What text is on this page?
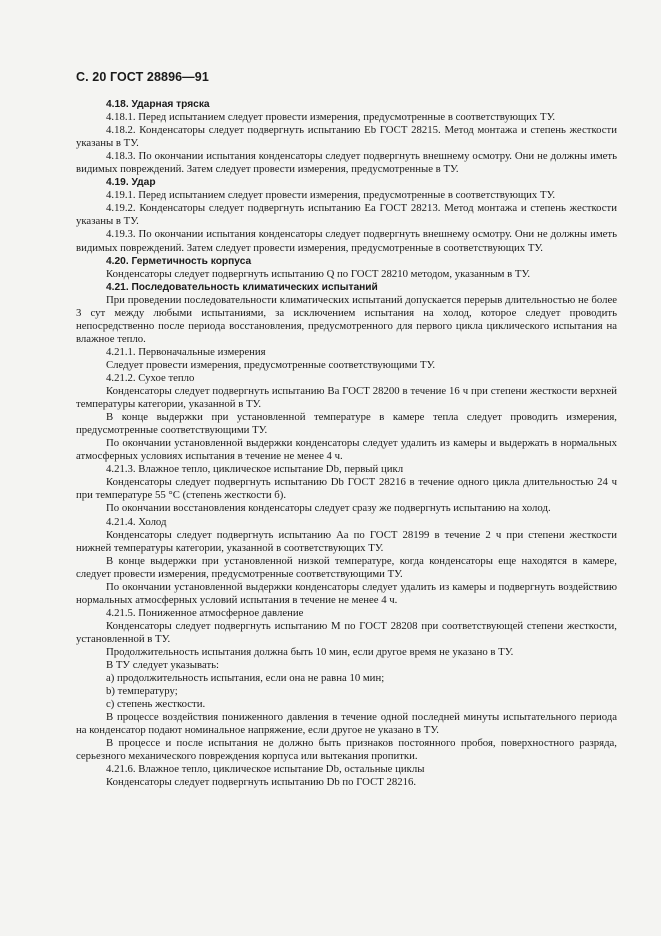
С. 20 ГОСТ 28896—91

4.18. Ударная тряска

4.18.1. Перед испытанием следует провести измерения, предусмотренные в соответствующих ТУ.

4.18.2. Конденсаторы следует подвергнуть испытанию Eb ГОСТ 28215. Метод монтажа и степень жесткости указаны в ТУ.

4.18.3. По окончании испытания конденсаторы следует подвергнуть внешнему осмотру. Они не должны иметь видимых повреждений. Затем следует провести измерения, предусмотренные в ТУ.

4.19. Удар

4.19.1. Перед испытанием следует провести измерения, предусмотренные в соответствующих ТУ.

4.19.2. Конденсаторы следует подвергнуть испытанию Ea ГОСТ 28213. Метод монтажа и степень жесткости указаны в ТУ.

4.19.3. По окончании испытания конденсаторы следует подвергнуть внешнему осмотру. Они не должны иметь видимых повреждений. Затем следует провести измерения, предусмотренные в соответствующих ТУ.

4.20. Герметичность корпуса

Конденсаторы следует подвергнуть испытанию Q по ГОСТ 28210 методом, указанным в ТУ.

4.21. Последовательность климатических испытаний

При проведении последовательности климатических испытаний допускается перерыв длительностью не более 3 сут между любыми испытаниями, за исключением испытания на холод, которое следует проводить непосредственно после периода восстановления, предусмотренного для первого цикла циклического испытания на влажное тепло.

4.21.1. Первоначальные измерения

Следует провести измерения, предусмотренные соответствующими ТУ.

4.21.2. Сухое тепло

Конденсаторы следует подвергнуть испытанию Ва ГОСТ 28200 в течение 16 ч при степени жесткости верхней температуры категории, указанной в ТУ.

В конце выдержки при установленной температуре в камере тепла следует проводить измерения, предусмотренные соответствующими ТУ.

По окончании установленной выдержки конденсаторы следует удалить из камеры и выдержать в нормальных атмосферных условиях испытания в течение не менее 4 ч.

4.21.3. Влажное тепло, циклическое испытание Db, первый цикл

Конденсаторы следует подвергнуть испытанию Db ГОСТ 28216 в течение одного цикла длительностью 24 ч при температуре 55 °С (степень жесткости б).

По окончании восстановления конденсаторы следует сразу же подвергнуть испытанию на холод.

4.21.4. Холод

Конденсаторы следует подвергнуть испытанию Аа по ГОСТ 28199 в течение 2 ч при степени жесткости нижней температуры категории, указанной в соответствующих ТУ.

В конце выдержки при установленной низкой температуре, когда конденсаторы еще находятся в камере, следует провести измерения, предусмотренные соответствующими ТУ.

По окончании установленной выдержки конденсаторы следует удалить из камеры и подвергнуть воздействию нормальных атмосферных условий испытания в течение не менее 4 ч.

4.21.5. Пониженное атмосферное давление

Конденсаторы следует подвергнуть испытанию M по ГОСТ 28208 при соответствующей степени жесткости, установленной в ТУ.

Продолжительность испытания должна быть 10 мин, если другое время не указано в ТУ.

В ТУ следует указывать:

а) продолжительность испытания, если она не равна 10 мин;

b) температуру;

с) степень жесткости.

В процессе воздействия пониженного давления в течение одной последней минуты испытательного периода на конденсатор подают номинальное напряжение, если другое не указано в ТУ.

В процессе и после испытания не должно быть признаков постоянного пробоя, поверхностного разряда, серьезного механического повреждения корпуса или вытекания пропитки.

4.21.6. Влажное тепло, циклическое испытание Db, остальные циклы

Конденсаторы следует подвергнуть испытанию Db по ГОСТ 28216.
